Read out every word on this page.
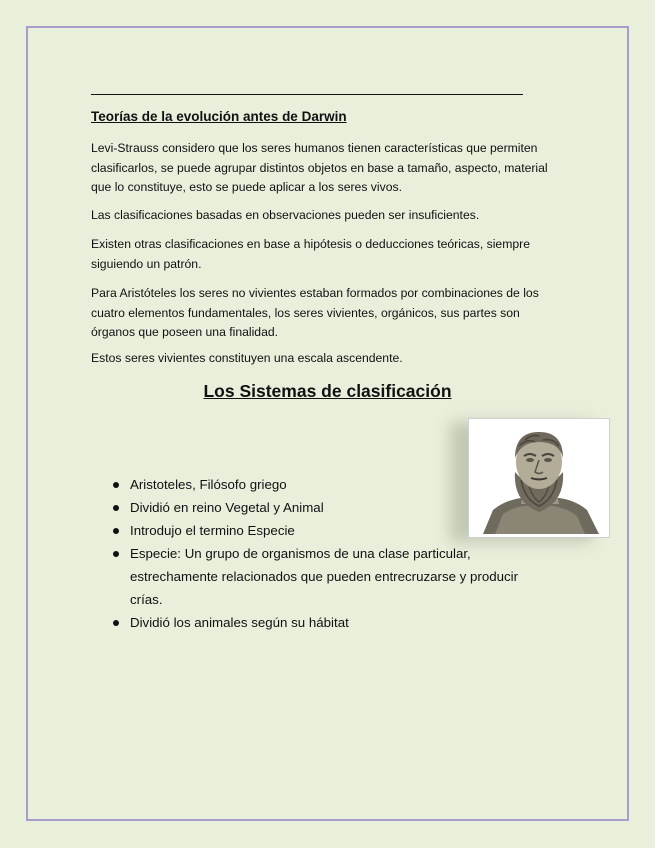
Teorías de la evolución antes de Darwin

Levi-Strauss considero que los seres humanos tienen características que permiten clasificarlos, se puede agrupar distintos objetos en base a tamaño, aspecto, material que lo constituye, esto se puede aplicar a los seres vivos.

Las clasificaciones basadas en observaciones pueden ser insuficientes.

Existen otras clasificaciones en base a hipótesis o deducciones teóricas, siempre siguiendo un patrón.

Para Aristóteles los seres no vivientes estaban formados por combinaciones de los cuatro elementos fundamentales, los seres vivientes, orgánicos, sus partes son órganos que poseen una finalidad.

Estos seres vivientes constituyen una escala ascendente.

Los Sistemas de clasificación
Aristoteles, Filósofo griego
Dividió en reino Vegetal y Animal
Introdujo el termino Especie
Especie: Un grupo de organismos de una clase particular, estrechamente relacionados que pueden entrecruzarse y producir crías.
Dividió los animales según su hábitat
